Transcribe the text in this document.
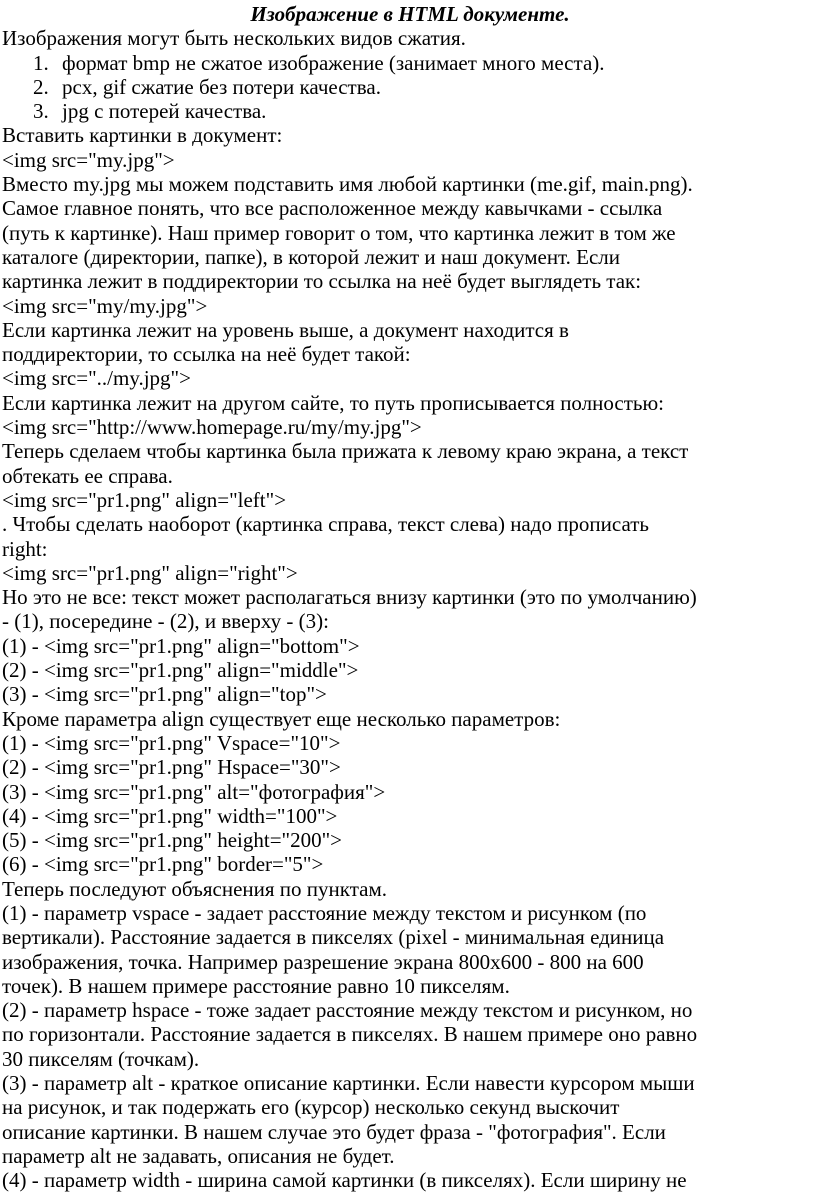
Изображение в HTML документе.
Изображения могут быть нескольких видов сжатия.
1. формат bmp не сжатое изображение (занимает много места).
2. pcx, gif сжатие без потери качества.
3. jpg с потерей качества.
Вставить картинки в документ:
<img src="my.jpg">
Вместо my.jpg мы можем подставить имя любой картинки (me.gif, main.png).
Самое главное понять, что все расположенное между кавычками - ссылка
(путь к картинке). Наш пример говорит о том, что картинка лежит в том же
каталоге (директории, папке), в которой лежит и наш документ. Если
картинка лежит в поддиректории то ссылка на неё будет выглядеть так:
<img src="my/my.jpg">
Если картинка лежит на уровень выше, а документ находится в
поддиректории, то ссылка на неё будет такой:
<img src="../my.jpg">
Если картинка лежит на другом сайте, то путь прописывается полностью:
<img src="http://www.homepage.ru/my/my.jpg">
Теперь сделаем чтобы картинка была прижата к левому краю экрана, а текст
обтекать ее справа.
<img src="pr1.png" align="left">
. Чтобы сделать наоборот (картинка справа, текст слева) надо прописать
right:
<img src="pr1.png" align="right">
Но это не все: текст может располагаться внизу картинки (это по умолчанию)
- (1), посередине - (2), и вверху - (3):
(1) - <img src="pr1.png" align="bottom">
(2) - <img src="pr1.png" align="middle">
(3) - <img src="pr1.png" align="top">
Кроме параметра align существует еще несколько параметров:
(1) - <img src="pr1.png" Vspace="10">
(2) - <img src="pr1.png" Hspace="30">
(3) - <img src="pr1.png" alt="фотография">
(4) - <img src="pr1.png" width="100">
(5) - <img src="pr1.png" height="200">
(6) - <img src="pr1.png" border="5">
Теперь последуют объяснения по пунктам.
(1) - параметр vspace - задает расстояние между текстом и рисунком (по
вертикали). Расстояние задается в пикселях (pixel - минимальная единица
изображения, точка. Например разрешение экрана 800x600 - 800 на 600
точек). В нашем примере расстояние равно 10 пикселям.
(2) - параметр hspace - тоже задает расстояние между текстом и рисунком, но
по горизонтали. Расстояние задается в пикселях. В нашем примере оно равно
30 пикселям (точкам).
(3) - параметр alt - краткое описание картинки. Если навести курсором мыши
на рисунок, и так подержать его (курсор) несколько секунд выскочит
описание картинки. В нашем случае это будет фраза - "фотография". Если
параметр alt не задавать, описания не будет.
(4) - параметр width - ширина самой картинки (в пикселях). Если ширину не
